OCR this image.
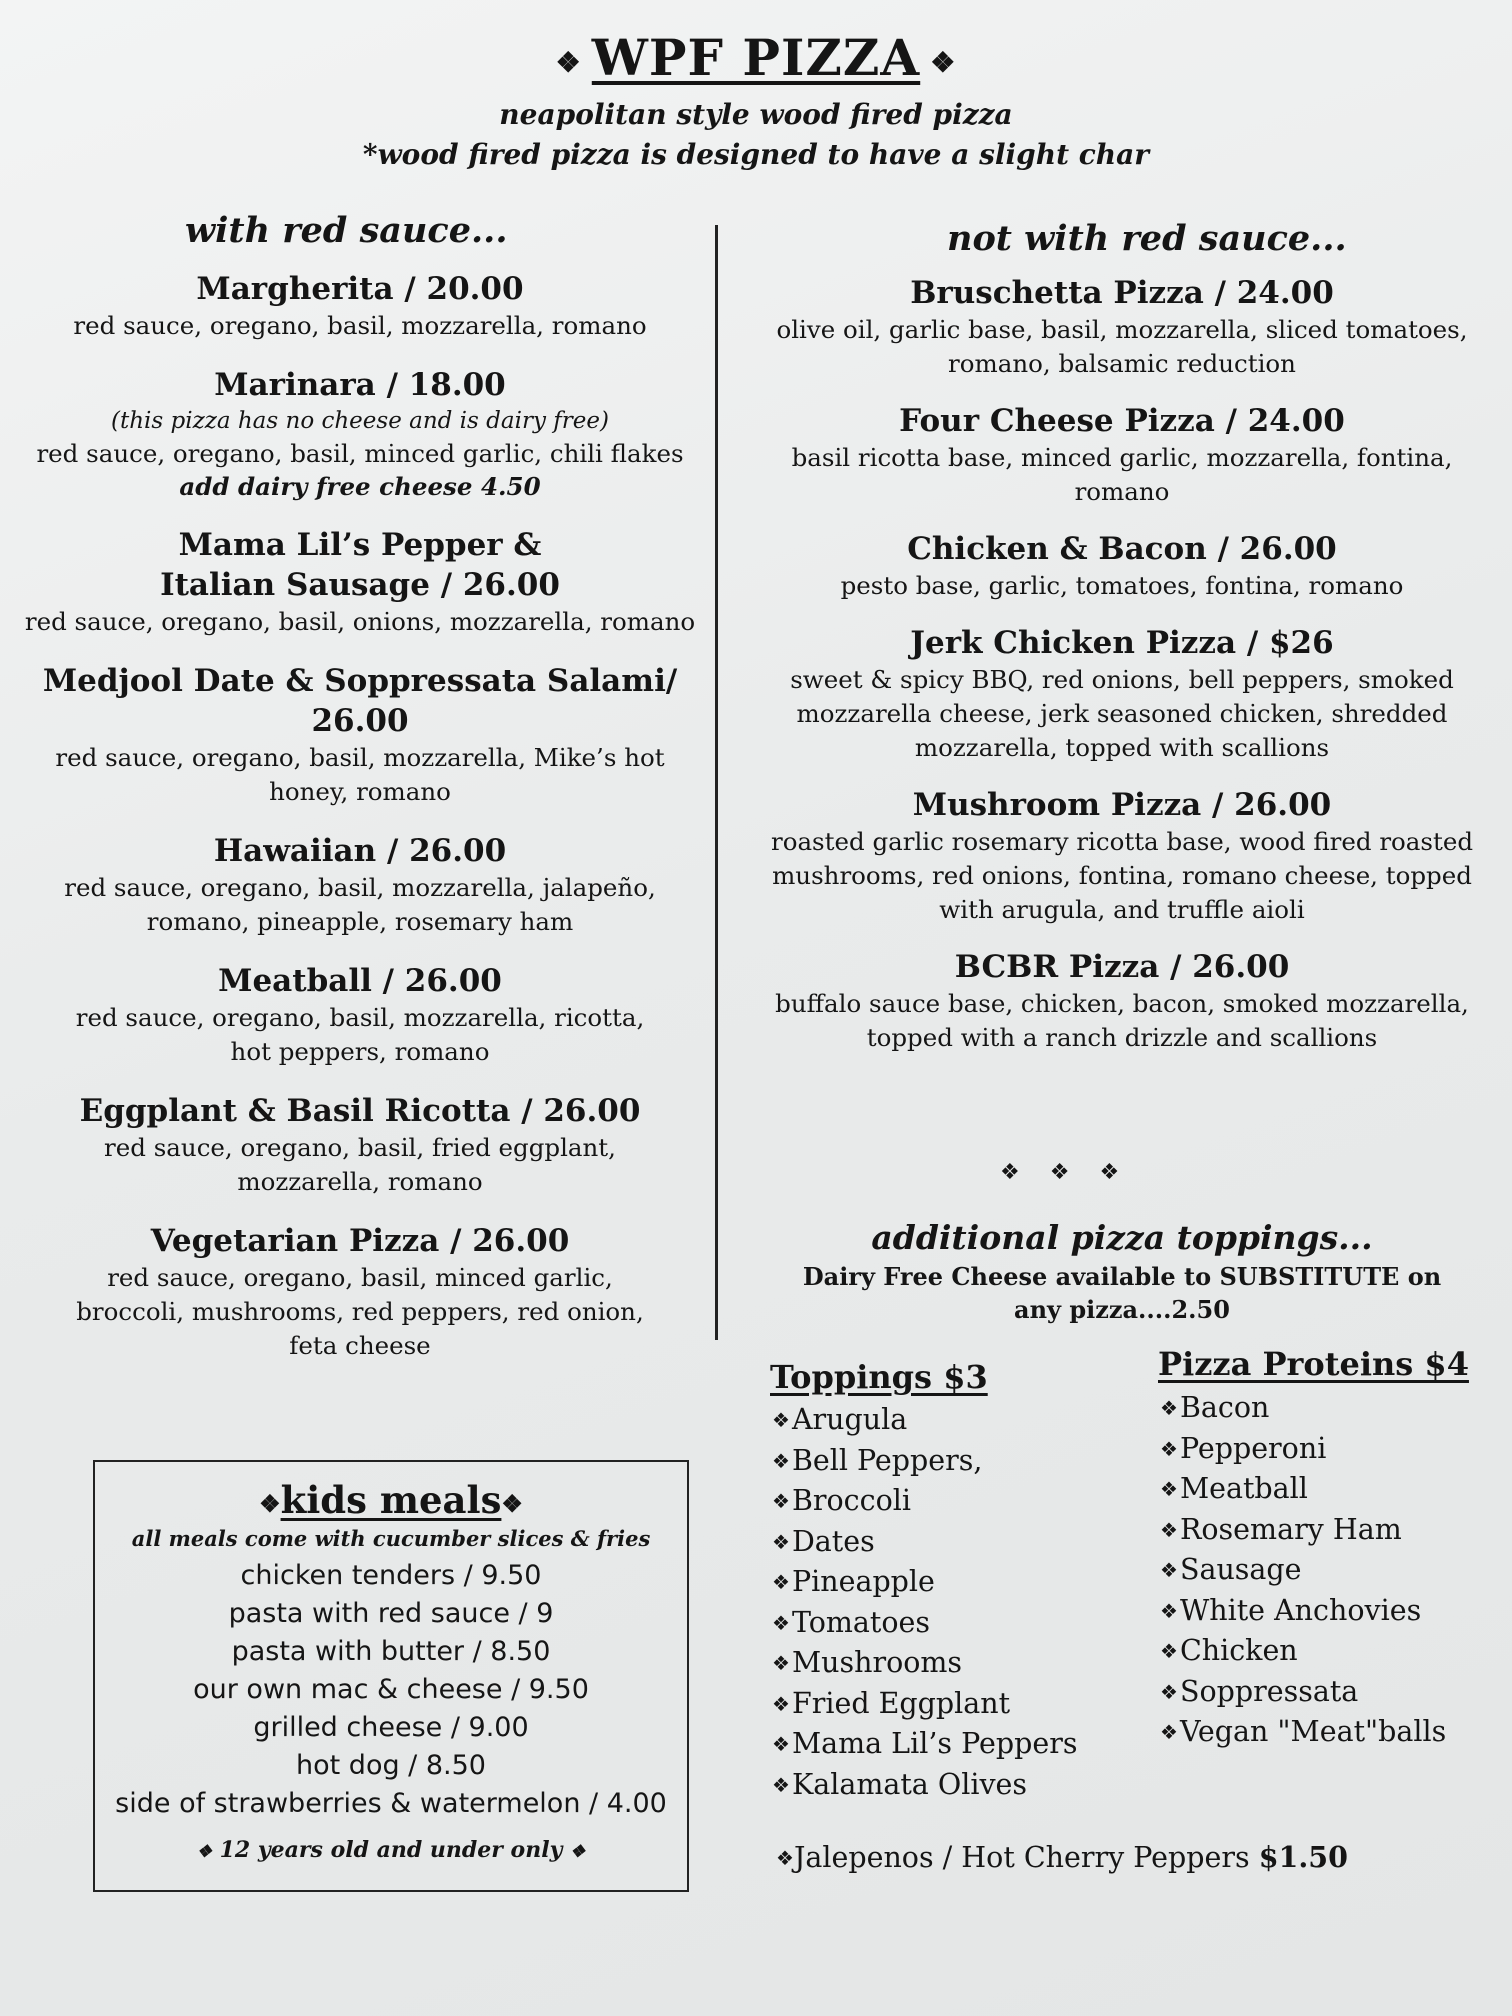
❖ WPF PIZZA ❖
neapolitan style wood fired pizza
*wood fired pizza is designed to have a slight char
with red sauce...
Margherita / 20.00
red sauce, oregano, basil, mozzarella, romano
Marinara / 18.00
(this pizza has no cheese and is dairy free)
red sauce, oregano, basil, minced garlic, chili flakes
add dairy free cheese 4.50
Mama Lil’s Pepper & Italian Sausage / 26.00
red sauce, oregano, basil, onions, mozzarella, romano
Medjool Date & Soppressata Salami/ 26.00
red sauce, oregano, basil, mozzarella, Mike’s hot honey, romano
Hawaiian / 26.00
red sauce, oregano, basil, mozzarella, jalapeño, romano, pineapple, rosemary ham
Meatball / 26.00
red sauce, oregano, basil, mozzarella, ricotta, hot peppers, romano
Eggplant & Basil Ricotta / 26.00
red sauce, oregano, basil, fried eggplant, mozzarella, romano
Vegetarian Pizza / 26.00
red sauce, oregano, basil, minced garlic, broccoli, mushrooms, red peppers, red onion, feta cheese
not with red sauce...
Bruschetta Pizza / 24.00
olive oil, garlic base, basil, mozzarella, sliced tomatoes, romano, balsamic reduction
Four Cheese Pizza / 24.00
basil ricotta base, minced garlic, mozzarella, fontina, romano
Chicken & Bacon / 26.00
pesto base, garlic, tomatoes, fontina, romano
Jerk Chicken Pizza / $26
sweet & spicy BBQ, red onions, bell peppers, smoked mozzarella cheese, jerk seasoned chicken, shredded mozzarella, topped with scallions
Mushroom Pizza / 26.00
roasted garlic rosemary ricotta base, wood fired roasted mushrooms, red onions, fontina, romano cheese, topped with arugula, and truffle aioli
BCBR Pizza / 26.00
buffalo sauce base, chicken, bacon, smoked mozzarella, topped with a ranch drizzle and scallions
❖❖❖
additional pizza toppings...
Dairy Free Cheese available to SUBSTITUTE on
any pizza....2.50
Toppings $3
❖Arugula
❖Bell Peppers,
❖Broccoli
❖Dates
❖Pineapple
❖Tomatoes
❖Mushrooms
❖Fried Eggplant
❖Mama Lil’s Peppers
❖Kalamata Olives
Pizza Proteins $4
❖Bacon
❖Pepperoni
❖Meatball
❖Rosemary Ham
❖Sausage
❖White Anchovies
❖Chicken
❖Soppressata
❖Vegan "Meat"balls
❖Jalepenos / Hot Cherry Peppers $1.50
❖kids meals❖
all meals come with cucumber slices & fries
chicken tenders / 9.50
pasta with red sauce / 9
pasta with butter / 8.50
our own mac & cheese / 9.50
grilled cheese / 9.00
hot dog / 8.50
side of strawberries & watermelon / 4.00
❖ 12 years old and under only ❖
